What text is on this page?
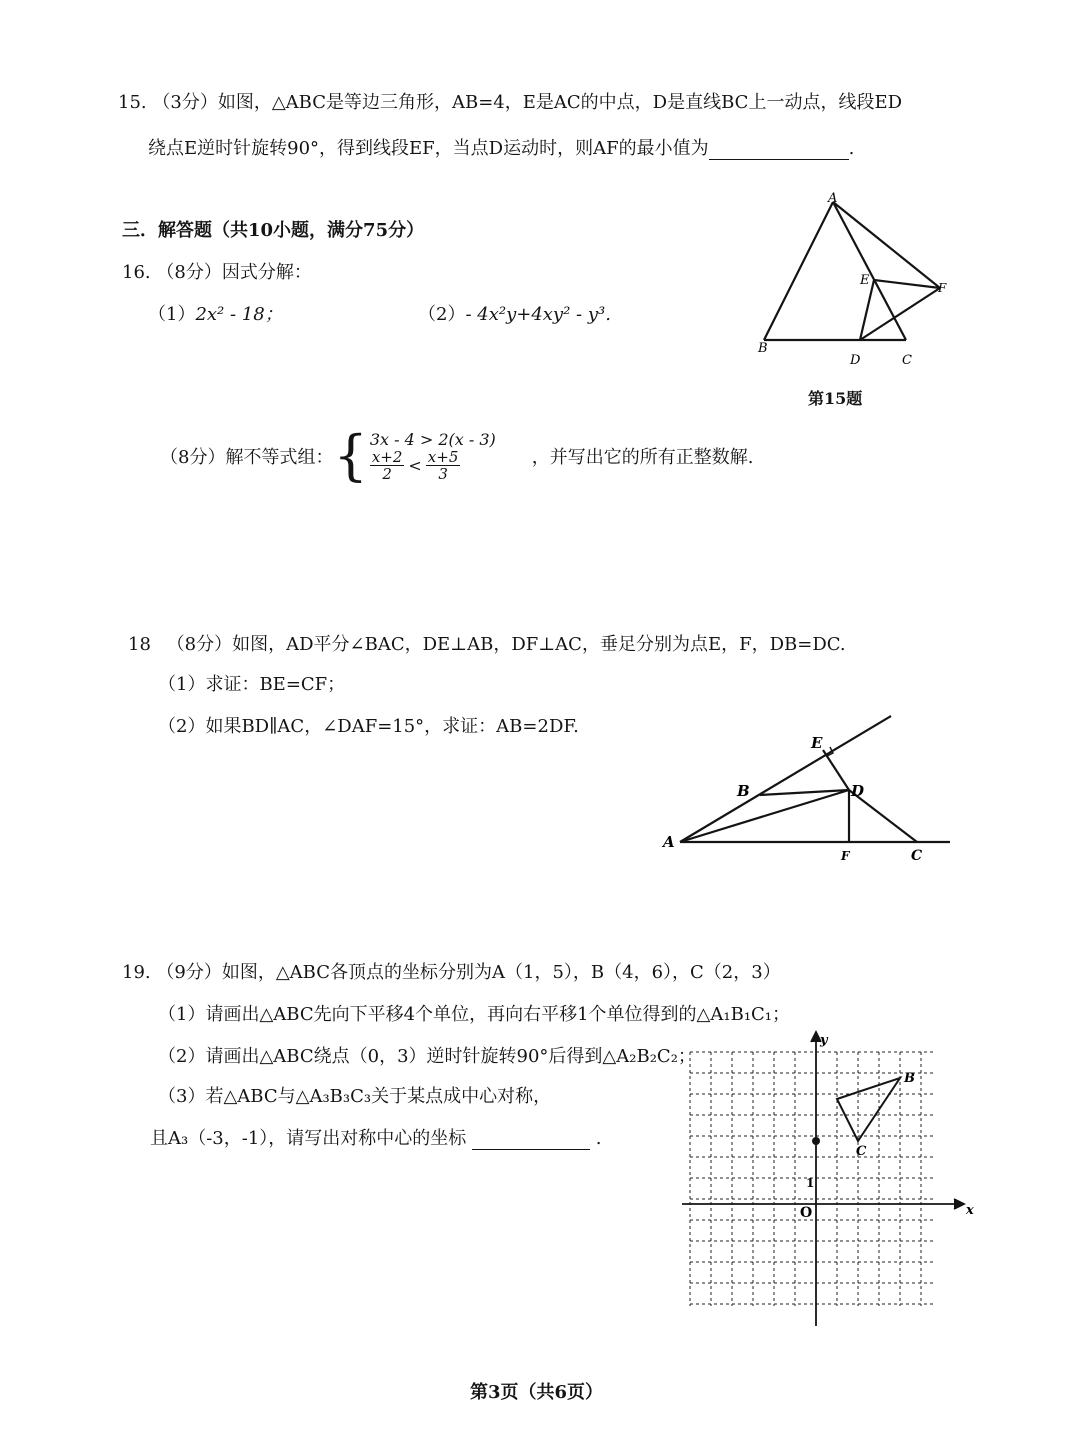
15. （3分）如图，△ABC是等边三角形，AB=4，E是AC的中点，D是直线BC上一动点，线段ED
绕点E逆时针旋转90°，得到线段EF，当点D运动时，则AF的最小值为	.
A
B
C
D
E	F
第15题
三．解答题（共10小题，满分75分）
16. （8分）因式分解：
（1）2x² - 18；	（2）- 4x²y+4xy² - y³.
（8分） 解不等式组： { 3x - 4 > 2(x - 3)
$\frac{x+2}{2} < \frac{x+5}{3}$	，并写出它的所有正整数解.
18 （8分）如图，AD平分∠BAC，DE⊥AB，DF⊥AC，垂足分别为点E，F，DB=DC.
（1）求证：BE=CF；
（2）如果BD∥AC，∠DAF=15°，求证：AB=2DF.
A
B
C
D
E
F
19. （9分）如图，△ABC各顶点的坐标分别为A（1，5），B（4，6），C（2，3）
（1）请画出△ABC先向下平移4个单位，再向右平移1个单位得到的△A₁B₁C₁；
（2）请画出△ABC绕点（0，3）逆时针旋转90°后得到△A₂B₂C₂；
（3）若△ABC与△A₃B₃C₃关于某点成中心对称，
且A₃（-3，-1），请写出对称中心的坐标	.
y
x
O
1
B
C
第3页（共6页）
